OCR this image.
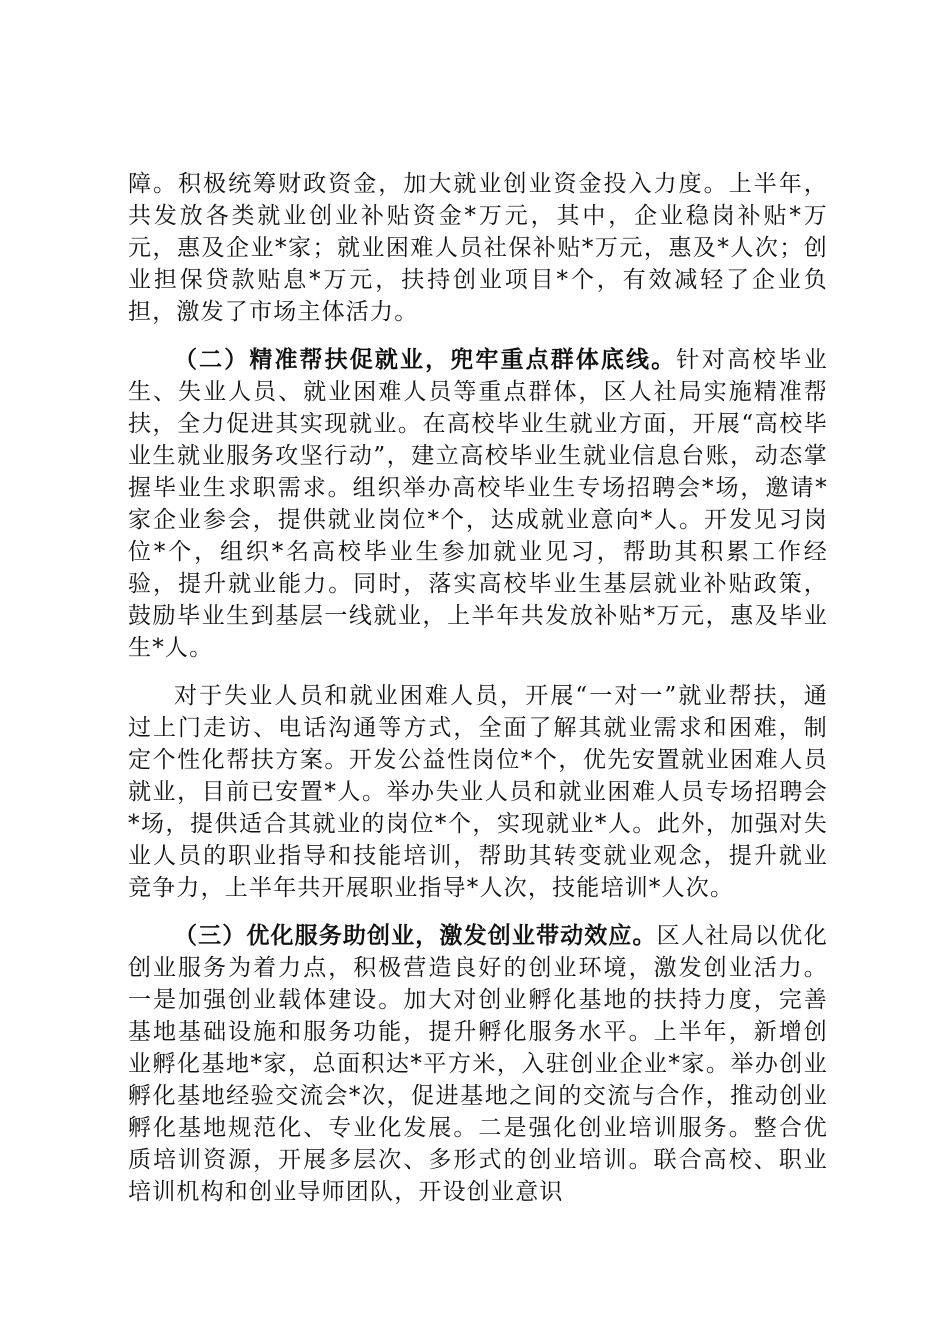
障。积极统筹财政资金，加大就业创业资金投入力度。上半年，共发放各类就业创业补贴资金*万元，其中，企业稳岗补贴*万元，惠及企业*家；就业困难人员社保补贴*万元，惠及*人次；创业担保贷款贴息*万元，扶持创业项目*个，有效减轻了企业负担，激发了市场主体活力。

（二）精准帮扶促就业，兜牢重点群体底线。针对高校毕业生、失业人员、就业困难人员等重点群体，区人社局实施精准帮扶，全力促进其实现就业。在高校毕业生就业方面，开展“高校毕业生就业服务攻坚行动”，建立高校毕业生就业信息台账，动态掌握毕业生求职需求。组织举办高校毕业生专场招聘会*场，邀请*家企业参会，提供就业岗位*个，达成就业意向*人。开发见习岗位*个，组织*名高校毕业生参加就业见习，帮助其积累工作经验，提升就业能力。同时，落实高校毕业生基层就业补贴政策，鼓励毕业生到基层一线就业，上半年共发放补贴*万元，惠及毕业生*人。

对于失业人员和就业困难人员，开展“一对一”就业帮扶，通过上门走访、电话沟通等方式，全面了解其就业需求和困难，制定个性化帮扶方案。开发公益性岗位*个，优先安置就业困难人员就业，目前已安置*人。举办失业人员和就业困难人员专场招聘会*场，提供适合其就业的岗位*个，实现就业*人。此外，加强对失业人员的职业指导和技能培训，帮助其转变就业观念，提升就业竞争力，上半年共开展职业指导*人次，技能培训*人次。

（三）优化服务助创业，激发创业带动效应。区人社局以优化创业服务为着力点，积极营造良好的创业环境，激发创业活力。一是加强创业载体建设。加大对创业孵化基地的扶持力度，完善基地基础设施和服务功能，提升孵化服务水平。上半年，新增创业孵化基地*家，总面积达*平方米，入驻创业企业*家。举办创业孵化基地经验交流会*次，促进基地之间的交流与合作，推动创业孵化基地规范化、专业化发展。二是强化创业培训服务。整合优质培训资源，开展多层次、多形式的创业培训。联合高校、职业培训机构和创业导师团队，开设创业意识
